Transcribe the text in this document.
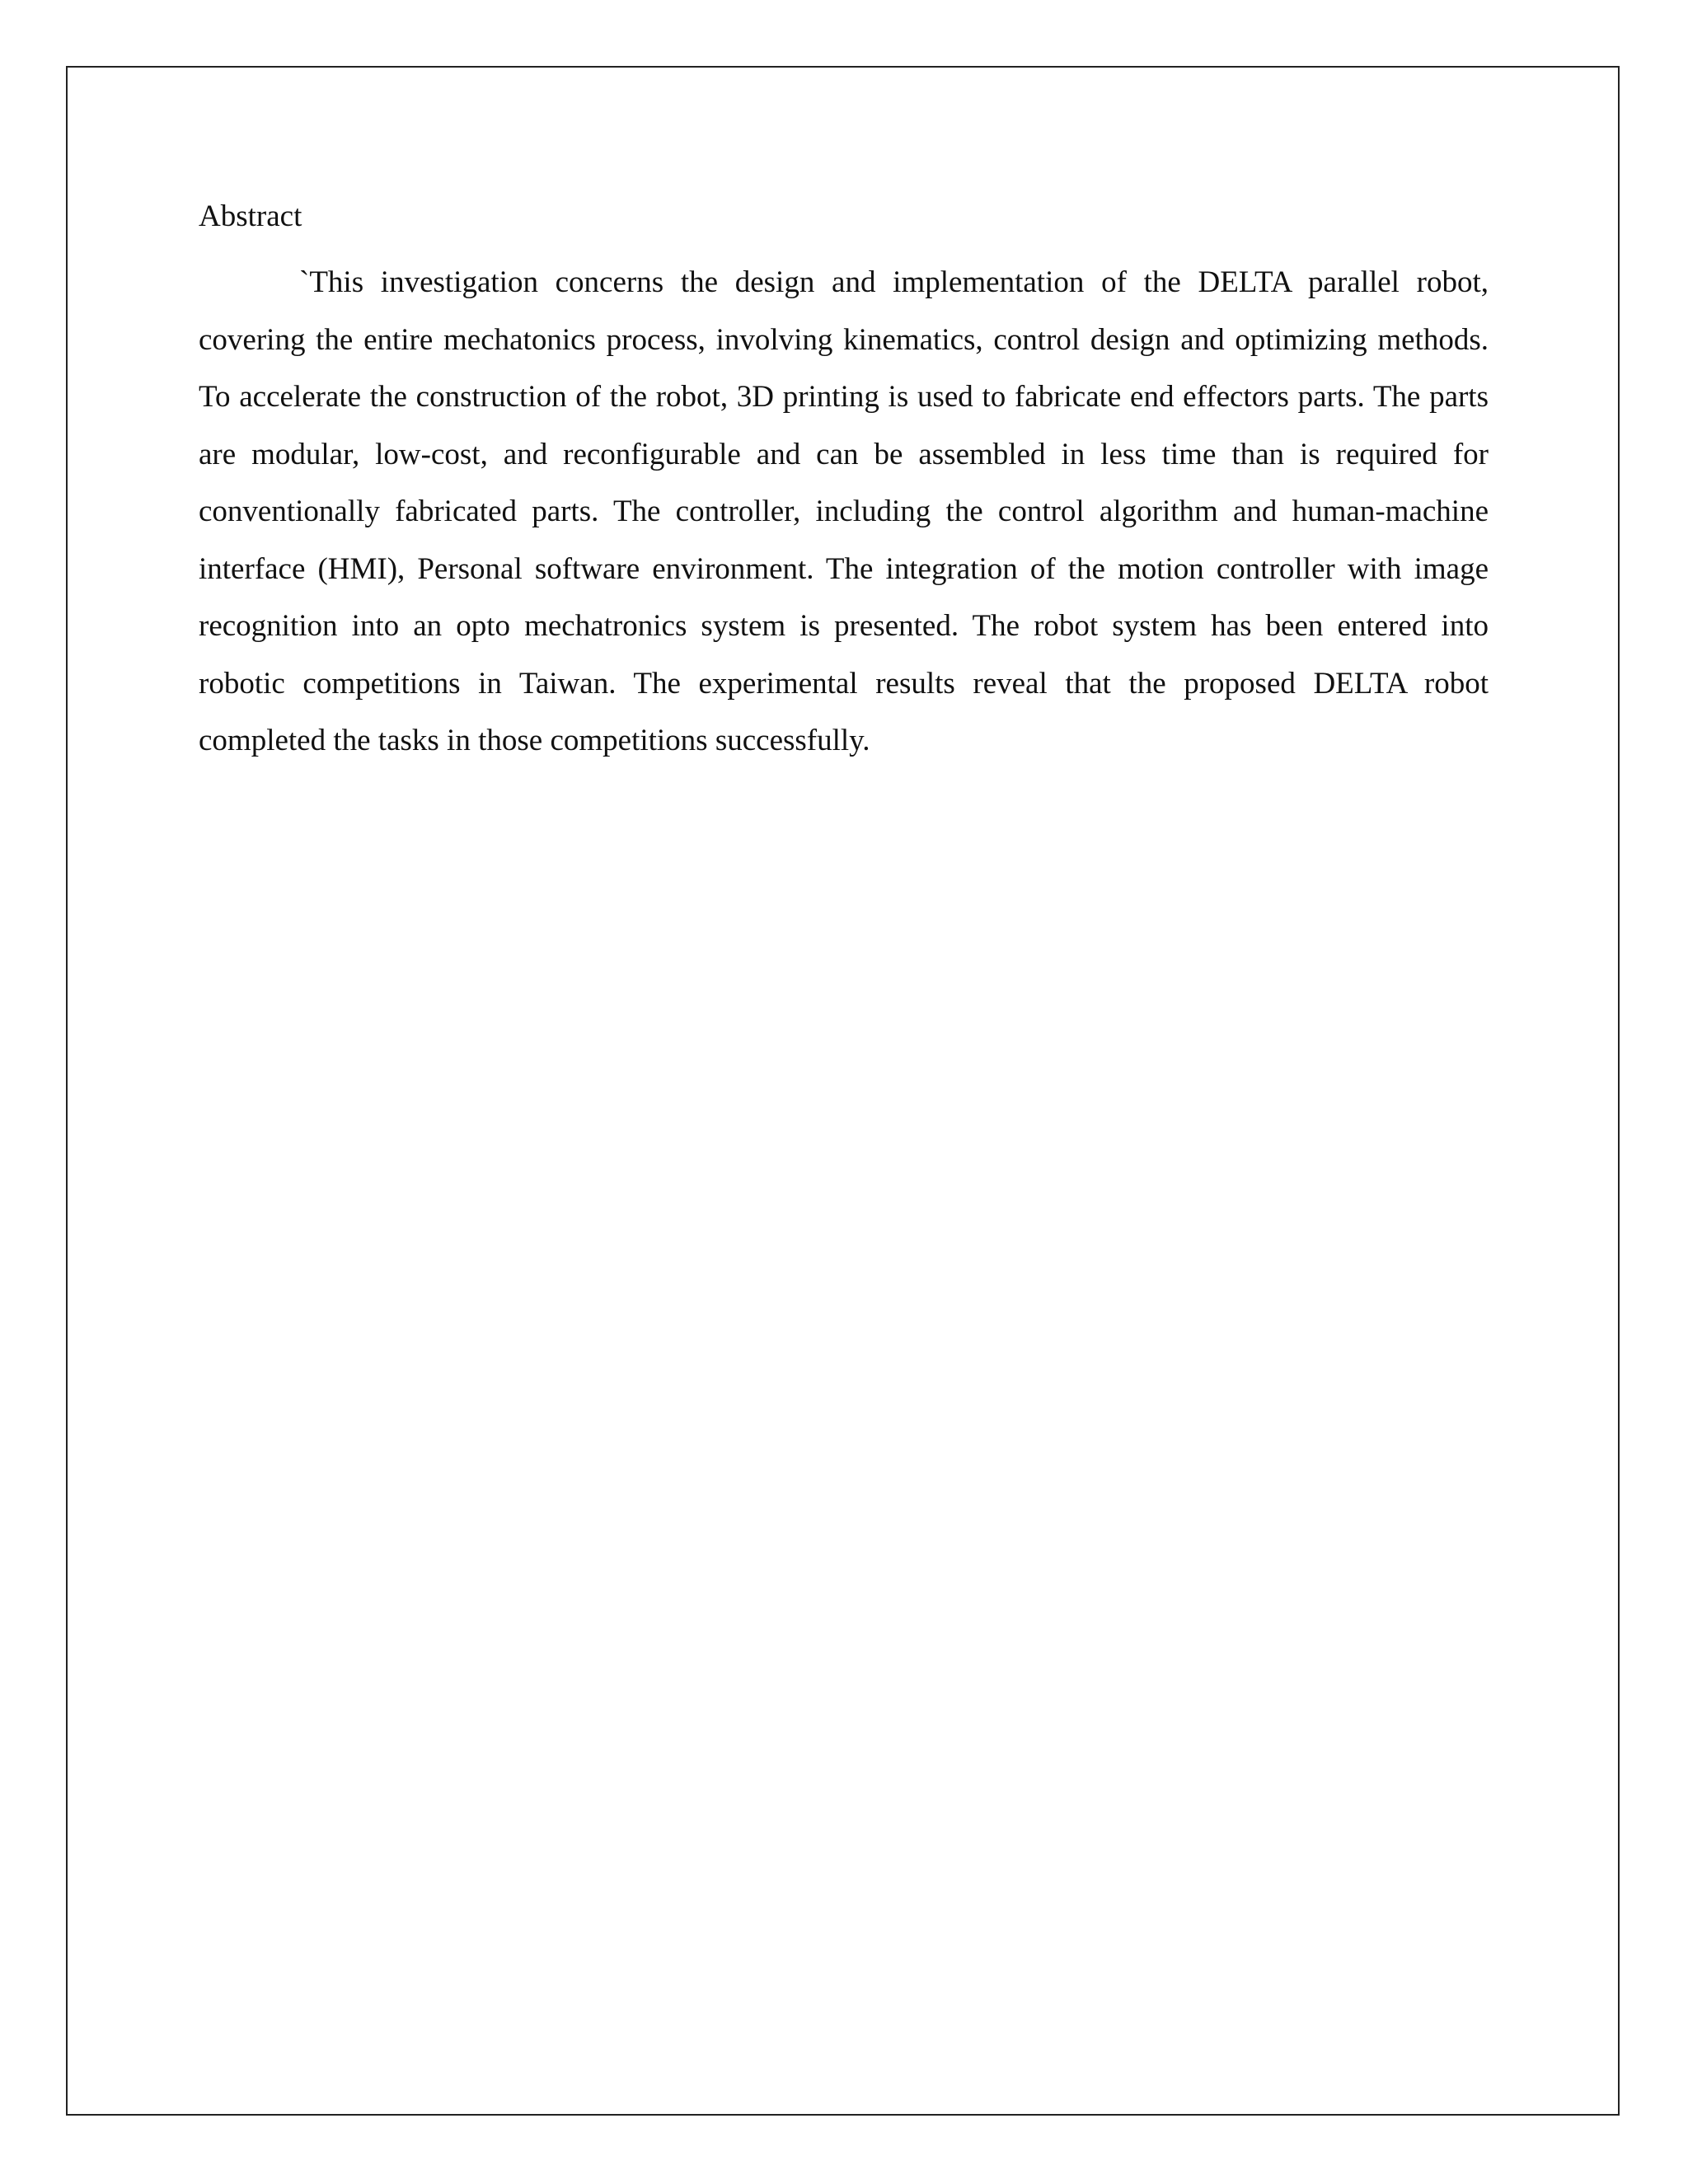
Abstract

`This investigation concerns the design and implementation of the DELTA parallel robot, covering the entire mechatonics process, involving kinematics, control design and optimizing methods. To accelerate the construction of the robot, 3D printing is used to fabricate end effectors parts. The parts are modular, low-cost, and reconfigurable and can be assembled in less time than is required for conventionally fabricated parts. The controller, including the control algorithm and human-machine interface (HMI), Personal software environment. The integration of the motion controller with image recognition into an opto mechatronics system is presented. The robot system has been entered into robotic competitions in Taiwan. The experimental results reveal that the proposed DELTA robot completed the tasks in those competitions successfully.
